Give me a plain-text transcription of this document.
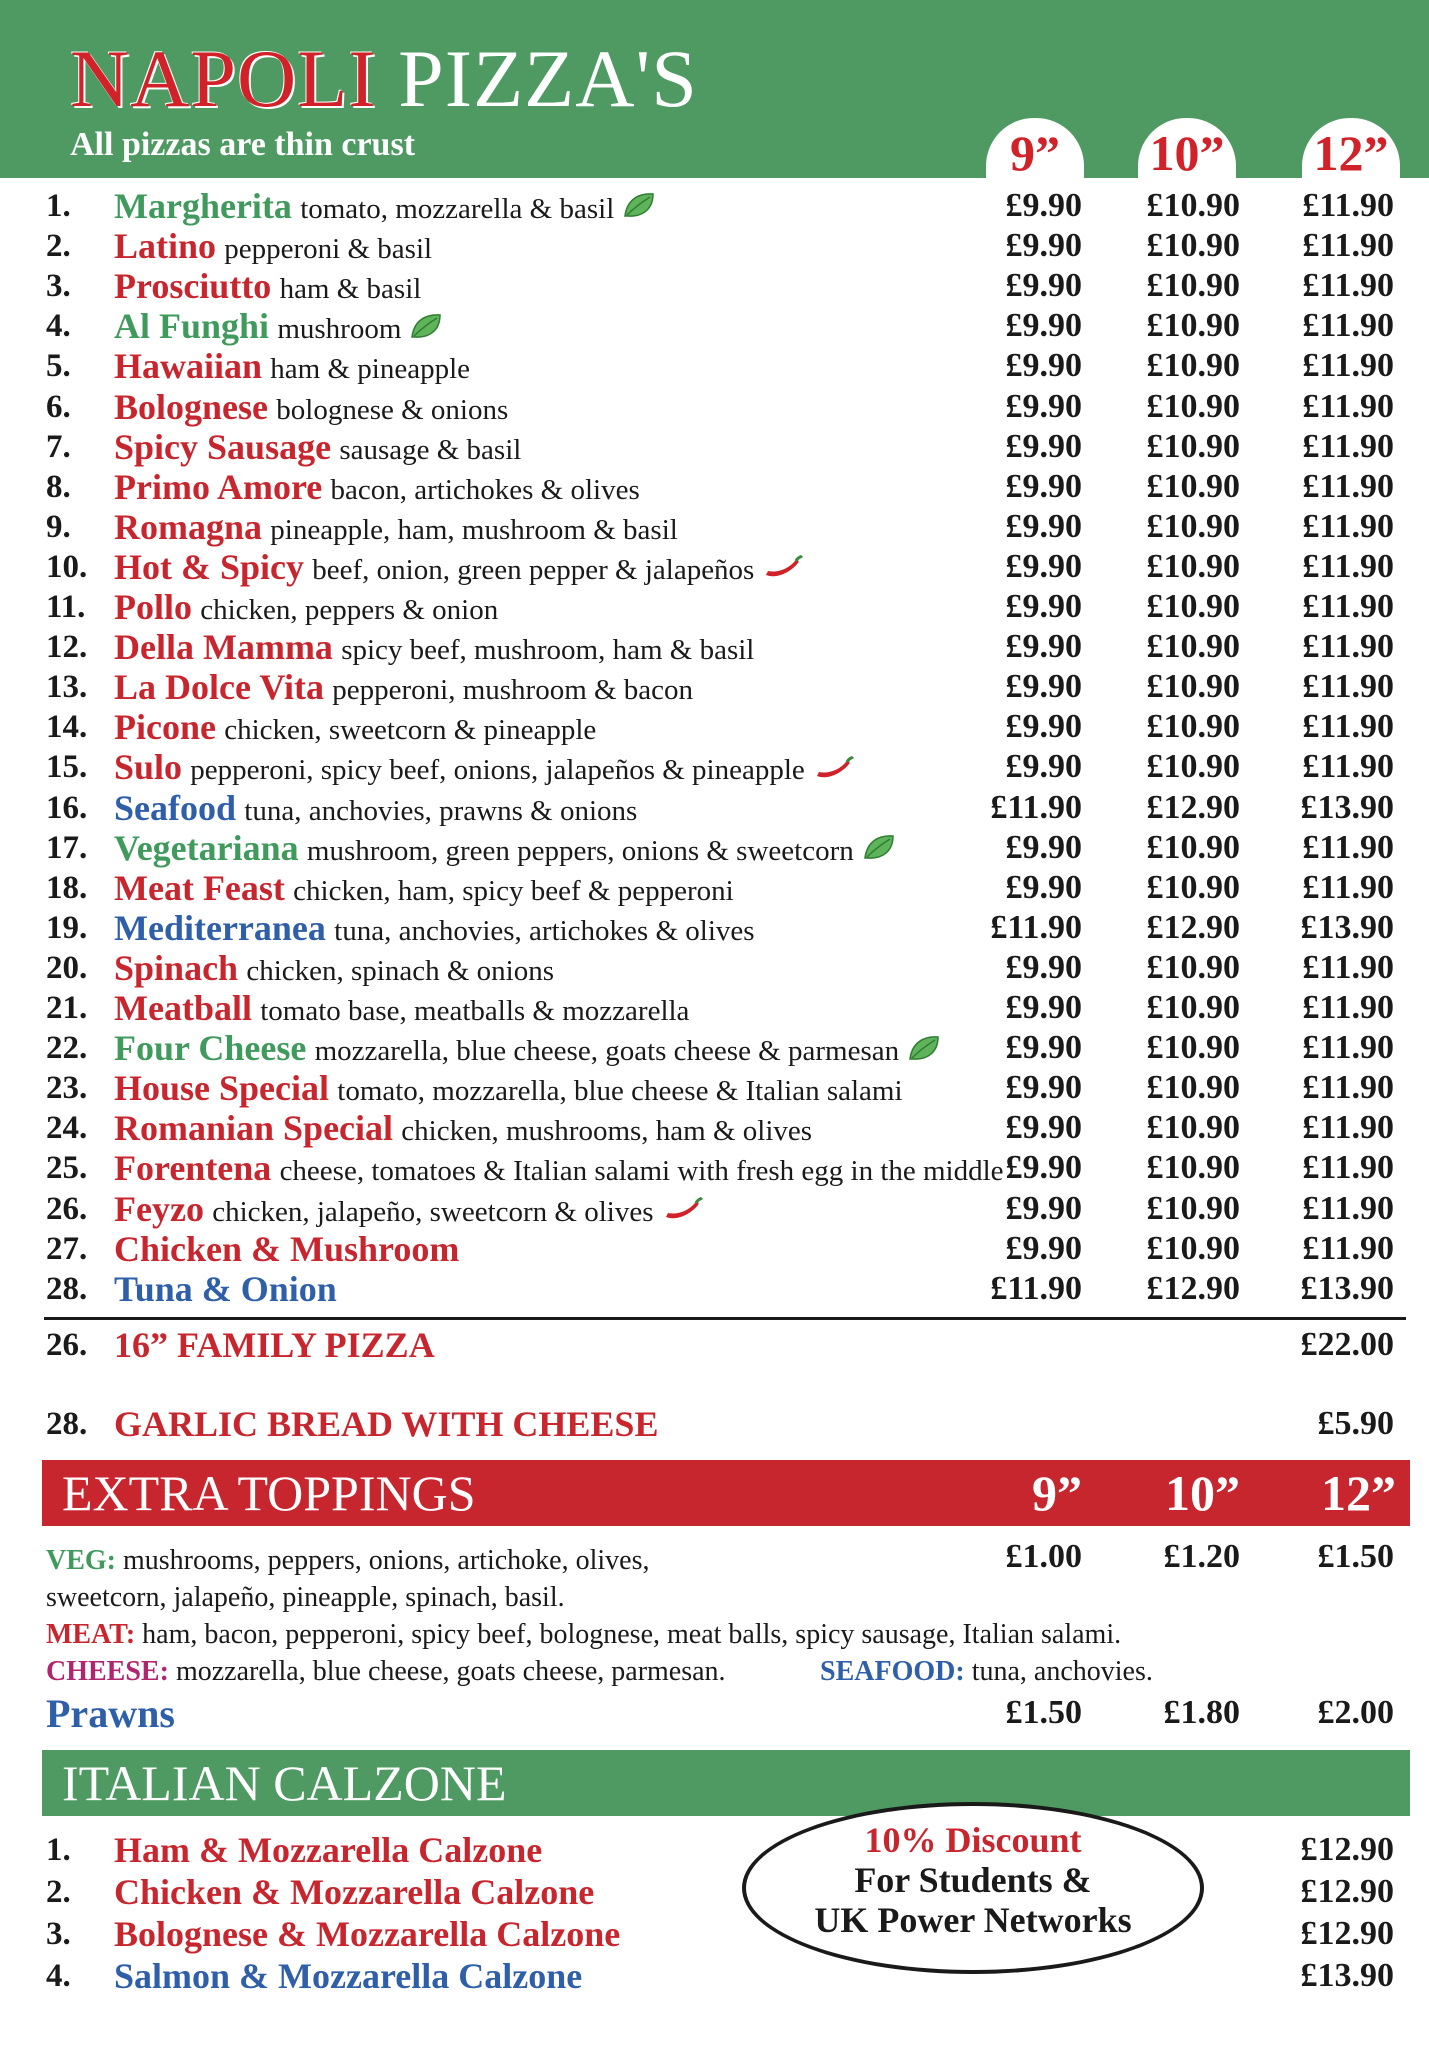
NAPOLI PIZZA'S
All pizzas are thin crust	9”	10” 12”
1. Margherita tomato, mozzarella & basil	£9.90	£10.90	£11.90
2. Latino pepperoni & basil	£9.90	£10.90	£11.90
3. Prosciutto ham & basil	£9.90	£10.90	£11.90
4. Al Funghi mushroom	£9.90	£10.90	£11.90
5. Hawaiian ham & pineapple	£9.90	£10.90	£11.90
6. Bolognese bolognese & onions	£9.90	£10.90	£11.90
7. Spicy Sausage sausage & basil	£9.90	£10.90	£11.90
8. Primo Amore bacon, artichokes & olives	£9.90	£10.90	£11.90
9. Romagna pineapple, ham, mushroom & basil	£9.90	£10.90	£11.90
10. Hot & Spicy beef, onion, green pepper & jalapeños	£9.90	£10.90	£11.90
11. Pollo chicken, peppers & onion	£9.90	£10.90	£11.90
12. Della Mamma spicy beef, mushroom, ham & basil	£9.90	£10.90	£11.90
13. La Dolce Vita pepperoni, mushroom & bacon	£9.90	£10.90	£11.90
14. Picone chicken, sweetcorn & pineapple	£9.90	£10.90	£11.90
15. Sulo pepperoni, spicy beef, onions, jalapeños & pineapple	£9.90	£10.90	£11.90
16. Seafood tuna, anchovies, prawns & onions	£11.90	£12.90	£13.90
17. Vegetariana mushroom, green peppers, onions & sweetcorn	£9.90	£10.90	£11.90
18. Meat Feast chicken, ham, spicy beef & pepperoni	£9.90	£10.90	£11.90
19. Mediterranea tuna, anchovies, artichokes & olives	£11.90	£12.90	£13.90
20. Spinach chicken, spinach & onions	£9.90	£10.90	£11.90
21. Meatball tomato base, meatballs & mozzarella	£9.90	£10.90	£11.90
22. Four Cheese mozzarella, blue cheese, goats cheese & parmesan	£9.90	£10.90	£11.90
23. House Special tomato, mozzarella, blue cheese & Italian salami	£9.90	£10.90	£11.90
24. Romanian Special chicken, mushrooms, ham & olives	£9.90	£10.90	£11.90
25. Forentena cheese, tomatoes & Italian salami with fresh egg in the middle £9.90	£10.90	£11.90
26. Feyzo chicken, jalapeño, sweetcorn & olives	£9.90	£10.90	£11.90
27. Chicken & Mushroom	£9.90	£10.90	£11.90
28. Tuna & Onion	£11.90	£12.90	£13.90
26. 16” FAMILY PIZZA	£22.00
28. GARLIC BREAD WITH CHEESE	£5.90
EXTRA TOPPINGS	9”	10”	12”
VEG: mushrooms, peppers, onions, artichoke, olives,
sweetcorn, jalapeño, pineapple, spinach, basil.
MEAT: ham, bacon, pepperoni, spicy beef, bolognese, meat balls, spicy sausage, Italian salami.
CHEESE: mozzarella, blue cheese, goats cheese, parmesan.	SEAFOOD: tuna, anchovies.
£1.00	£1.20	£1.50
Prawns	£1.50	£1.80	£2.00
ITALIAN CALZONE
1. Ham & Mozzarella Calzone	£12.90
2. Chicken & Mozzarella Calzone	£12.90
3. Bolognese & Mozzarella Calzone	£12.90
4. Salmon & Mozzarella Calzone	£13.90
10% Discount
For Students &
UK Power Networks
